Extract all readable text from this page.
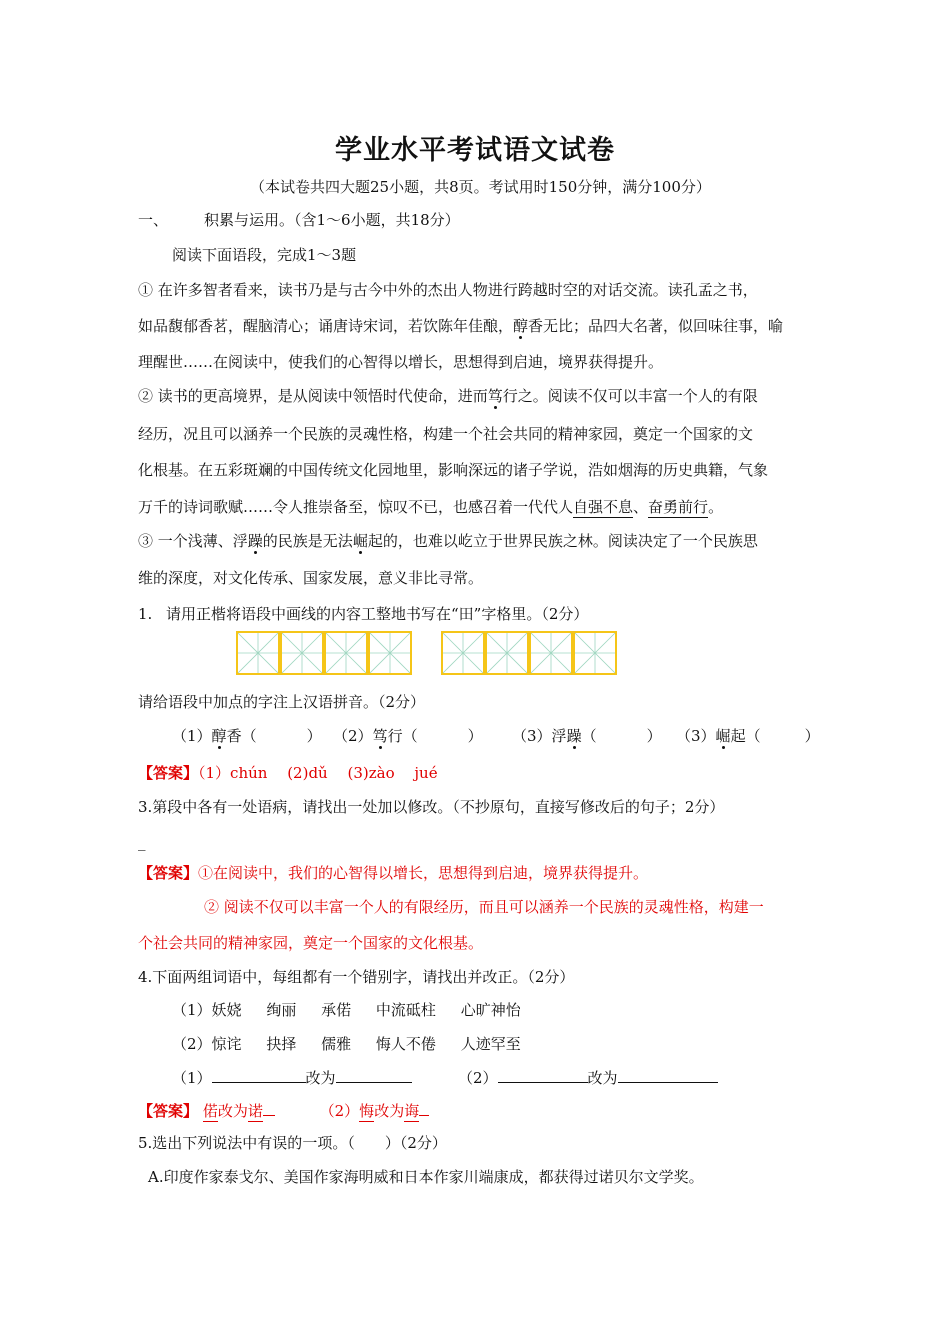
学业水平考试语文试卷
（本试卷共四大题25小题，共8页。考试用时150分钟，满分100分）
一、 积累与运用。（含1～6小题，共18分）
阅读下面语段，完成1～3题
① 在许多智者看来，读书乃是与古今中外的杰出人物进行跨越时空的对话交流。读孔孟之书，
如品馥郁香茗，醒脑清心；诵唐诗宋词，若饮陈年佳酿，醇香无比；品四大名著，似回味往事，喻
理醒世……在阅读中，使我们的心智得以增长，思想得到启迪，境界获得提升。
② 读书的更高境界，是从阅读中领悟时代使命，进而笃行之。阅读不仅可以丰富一个人的有限
经历，况且可以涵养一个民族的灵魂性格，构建一个社会共同的精神家园，奠定一个国家的文
化根基。在五彩斑斓的中国传统文化园地里，影响深远的诸子学说，浩如烟海的历史典籍，气象
万千的诗词歌赋……令人推崇备至，惊叹不已，也感召着一代代人自强不息、奋勇前行。
③ 一个浅薄、浮躁的民族是无法崛起的，也难以屹立于世界民族之林。阅读决定了一个民族思
维的深度，对文化传承、国家发展，意义非比寻常。
1. 请用正楷将语段中画线的内容工整地书写在“田”字格里。（2分）
请给语段中加点的字注上汉语拼音。（2分）
（1）醇香（	） （2）笃行（	） （3）浮躁（	） （3）崛起（	）
【答案】（1）chún　 (2)dǔ　 (3)zào　 jué
3.第段中各有一处语病，请找出一处加以修改。（不抄原句，直接写修改后的句子；2分）
_
【答案】①在阅读中，我们的心智得以增长，思想得到启迪，境界获得提升。
② 阅读不仅可以丰富一个人的有限经历，而且可以涵养一个民族的灵魂性格，构建一
个社会共同的精神家园，奠定一个国家的文化根基。
4.下面两组词语中，每组都有一个错别字，请找出并改正。（2分）
（1）妖娆 绚丽 承偌 中流砥柱 心旷神怡
（2）惊诧 抉择 儒雅 悔人不倦 人迹罕至
（1）	改为	（2）	改为
【答案】 偌改为诺	（2）悔改为诲
5.选出下列说法中有误的一项。（　　）（2分）
A.印度作家泰戈尔、美国作家海明威和日本作家川端康成，都获得过诺贝尔文学奖。
